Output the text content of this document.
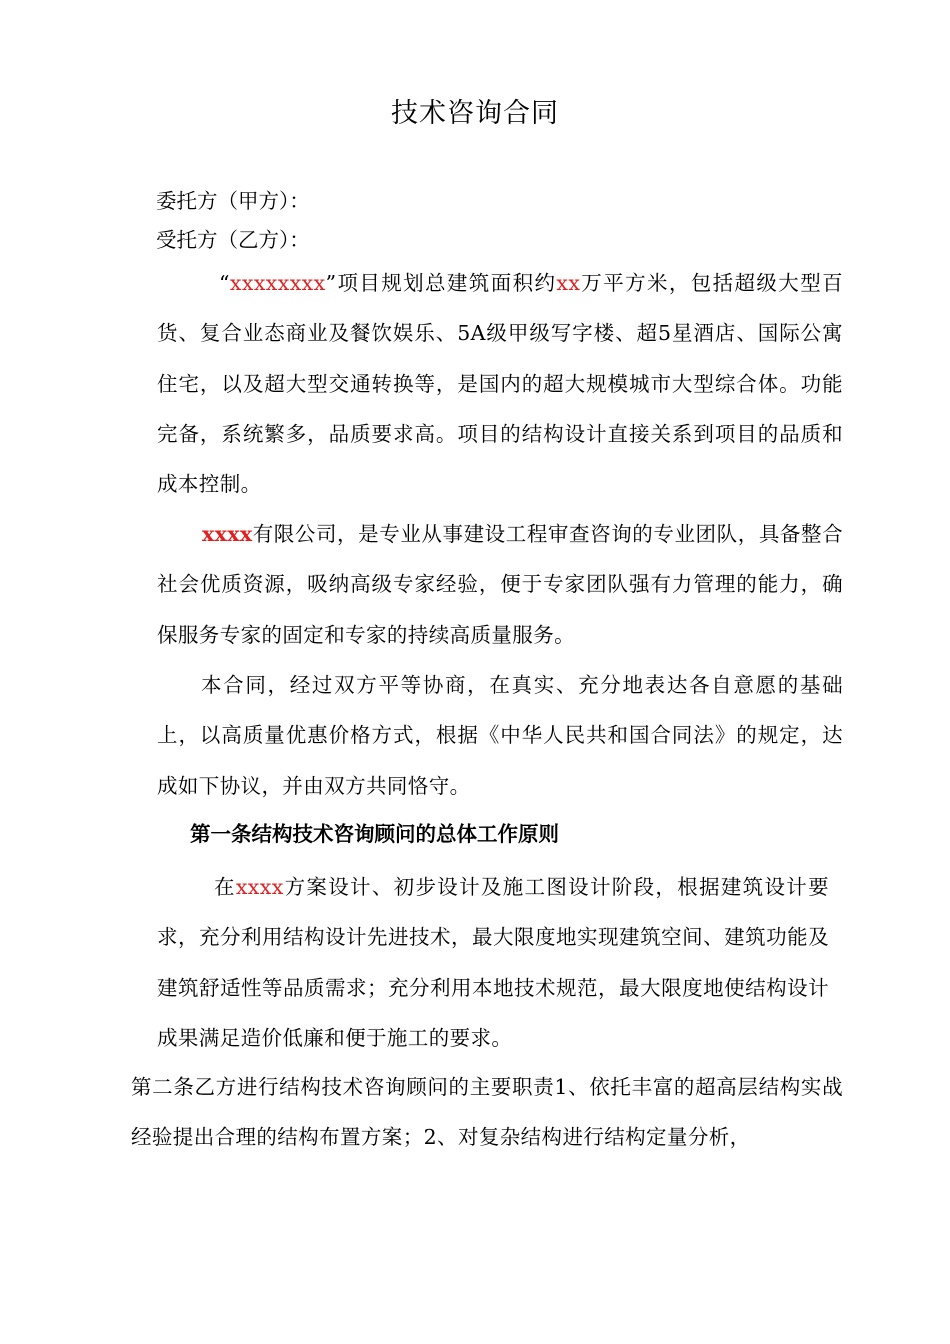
技术咨询合同
委托方（甲方）：
受托方（乙方）：

“xxxxxxxx”项目规划总建筑面积约xx万平方米，包括超级大型百货、复合业态商业及餐饮娱乐、5A级甲级写字楼、超5星酒店、国际公寓住宅，以及超大型交通转换等，是国内的超大规模城市大型综合体。功能完备，系统繁多，品质要求高。项目的结构设计直接关系到项目的品质和成本控制。

xxxx有限公司，是专业从事建设工程审查咨询的专业团队，具备整合社会优质资源，吸纳高级专家经验，便于专家团队强有力管理的能力，确保服务专家的固定和专家的持续高质量服务。

本合同，经过双方平等协商，在真实、充分地表达各自意愿的基础上，以高质量优惠价格方式，根据《中华人民共和国合同法》的规定，达成如下协议，并由双方共同恪守。

第一条结构技术咨询顾问的总体工作原则

在xxxx方案设计、初步设计及施工图设计阶段，根据建筑设计要求，充分利用结构设计先进技术，最大限度地实现建筑空间、建筑功能及建筑舒适性等品质需求；充分利用本地技术规范，最大限度地使结构设计成果满足造价低廉和便于施工的要求。

第二条乙方进行结构技术咨询顾问的主要职责1、依托丰富的超高层结构实战经验提出合理的结构布置方案；2、对复杂结构进行结构定量分析，
